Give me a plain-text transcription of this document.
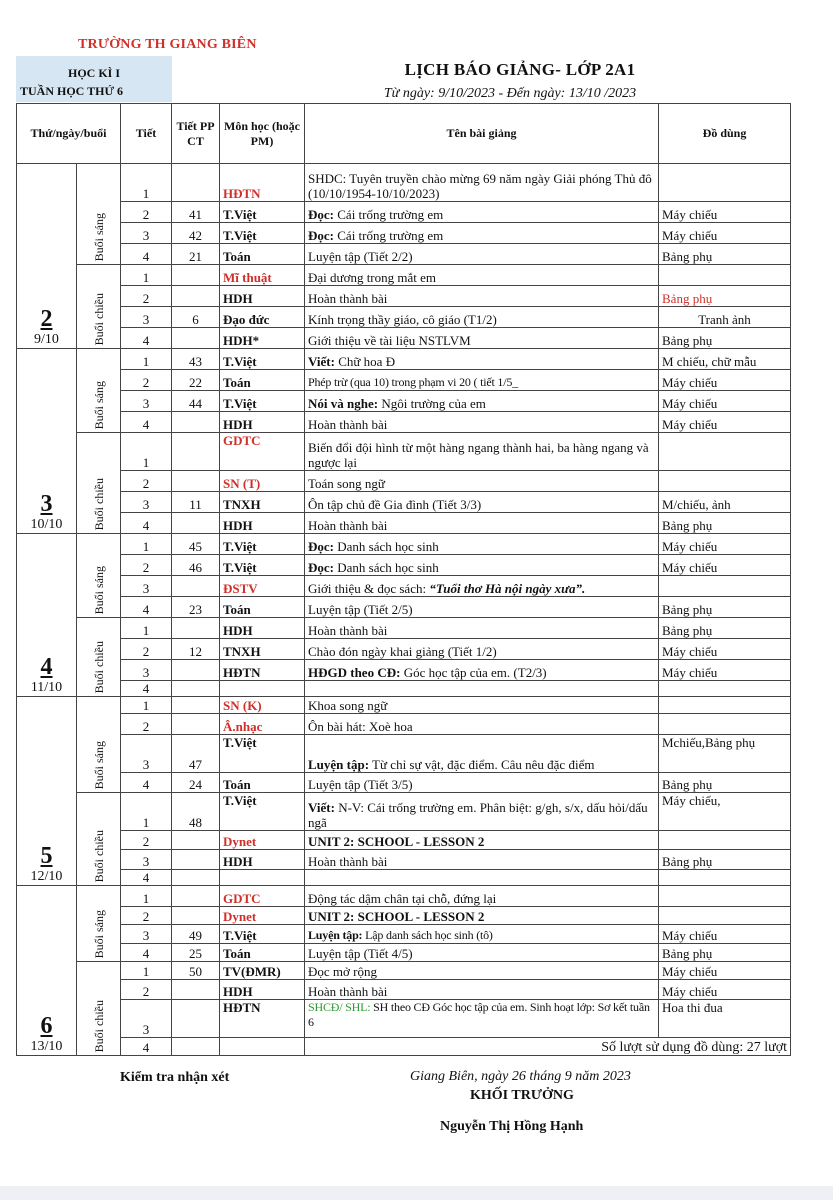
TRƯỜNG TH GIANG BIÊN
HỌC KÌ I
TUẦN HỌC THỨ 6
LỊCH BÁO GIẢNG- LỚP 2A1
Từ ngày: 9/10/2023 - Đến ngày: 13/10 /2023
Thứ/ngày/buổi		Tiết	Tiết PP CT	Môn học (hoặc PM)	Tên bài giảng	Đồ dùng

2
9/10	Buổi sáng	1		HĐTN	SHDC: Tuyên truyền chào mừng 69 năm ngày Giải phóng Thủ đô (10/10/1954-10/10/2023)	
		2	41	T.Việt	Đọc: Cái trống trường em	Máy chiếu
		3	42	T.Việt	Đọc: Cái trống trường em	Máy chiếu
		4	21	Toán	Luyện tập (Tiết 2/2)	Bảng phụ
	Buổi chiều	1		Mĩ thuật	Đại dương trong mắt em	
		2		HDH	Hoàn thành bài	Bảng phụ
		3	6	Đạo đức	Kính trọng thầy giáo, cô giáo (T1/2)	Tranh ảnh
		4		HDH*	Giới thiệu về tài liệu NSTLVM	Bảng phụ

3
10/10	Buổi sáng	1	43	T.Việt	Viết: Chữ hoa Đ	M chiếu, chữ mẫu
		2	22	Toán	Phép trừ (qua 10) trong phạm vi 20 ( tiết 1/5_	Máy chiếu
		3	44	T.Việt	Nói và nghe: Ngôi trường của em	Máy chiếu
		4		HDH	Hoàn thành bài	Máy chiếu
	Buổi chiều	1		GDTC	Biến đổi đội hình từ một hàng ngang thành hai, ba hàng ngang và ngược lại	
		2		SN (T)	Toán song ngữ	
		3	11	TNXH	Ôn tập chủ đề Gia đình (Tiết 3/3)	M/chiếu, ảnh
		4		HDH	Hoàn thành bài	Bảng phụ

4
11/10	Buổi sáng	1	45	T.Việt	Đọc: Danh sách học sinh	Máy chiếu
		2	46	T.Việt	Đọc: Danh sách học sinh	Máy chiếu
		3		ĐSTV	Giới thiệu & đọc sách: “Tuổi thơ Hà nội ngày xưa”.	
		4	23	Toán	Luyện tập (Tiết 2/5)	Bảng phụ
	Buổi chiều	1		HDH	Hoàn thành bài	Bảng phụ
		2	12	TNXH	Chào đón ngày khai giảng (Tiết 1/2)	Máy chiếu
		3		HĐTN	HĐGD theo CĐ: Góc học tập của em. (T2/3)	Máy chiếu
		4				

5
12/10	Buổi sáng	1		SN (K)	Khoa song ngữ	
		2		Â.nhạc	Ôn bài hát: Xoè hoa	
		3	47	T.Việt	Luyện tập: Từ chỉ sự vật, đặc điểm. Câu nêu đặc điểm	Mchiếu,Bảng phụ
		4	24	Toán	Luyện tập (Tiết 3/5)	Bảng phụ
	Buổi chiều	1	48	T.Việt	Viết: N-V: Cái trống trường em. Phân biệt: g/gh, s/x, dấu hỏi/dấu ngã	Máy chiếu,
		2		Dynet	UNIT 2: SCHOOL - LESSON 2	
		3		HDH	Hoàn thành bài	Bảng phụ
		4				

6
13/10	Buổi sáng	1		GDTC	Động tác dậm chân tại chỗ, đứng lại	
		2		Dynet	UNIT 2: SCHOOL - LESSON 2	
		3	49	T.Việt	Luyện tập: Lập danh sách học sinh (tô)	Máy chiếu
		4	25	Toán	Luyện tập (Tiết 4/5)	Bảng phụ
	Buổi chiều	1	50	TV(ĐMR)	Đọc mở rộng	Máy chiếu
		2		HDH	Hoàn thành bài	Máy chiếu
		3		HĐTN	SHCĐ/ SHL: SH theo CĐ Góc học tập của em. Sinh hoạt lớp: Sơ kết tuần 6	Hoa thi đua
		4			Số lượt sử dụng đồ dùng: 27 lượt	
Kiểm tra nhận xét	Giang Biên, ngày 26 tháng 9 năm 2023
KHỐI TRƯỞNG
Nguyễn Thị Hồng Hạnh
